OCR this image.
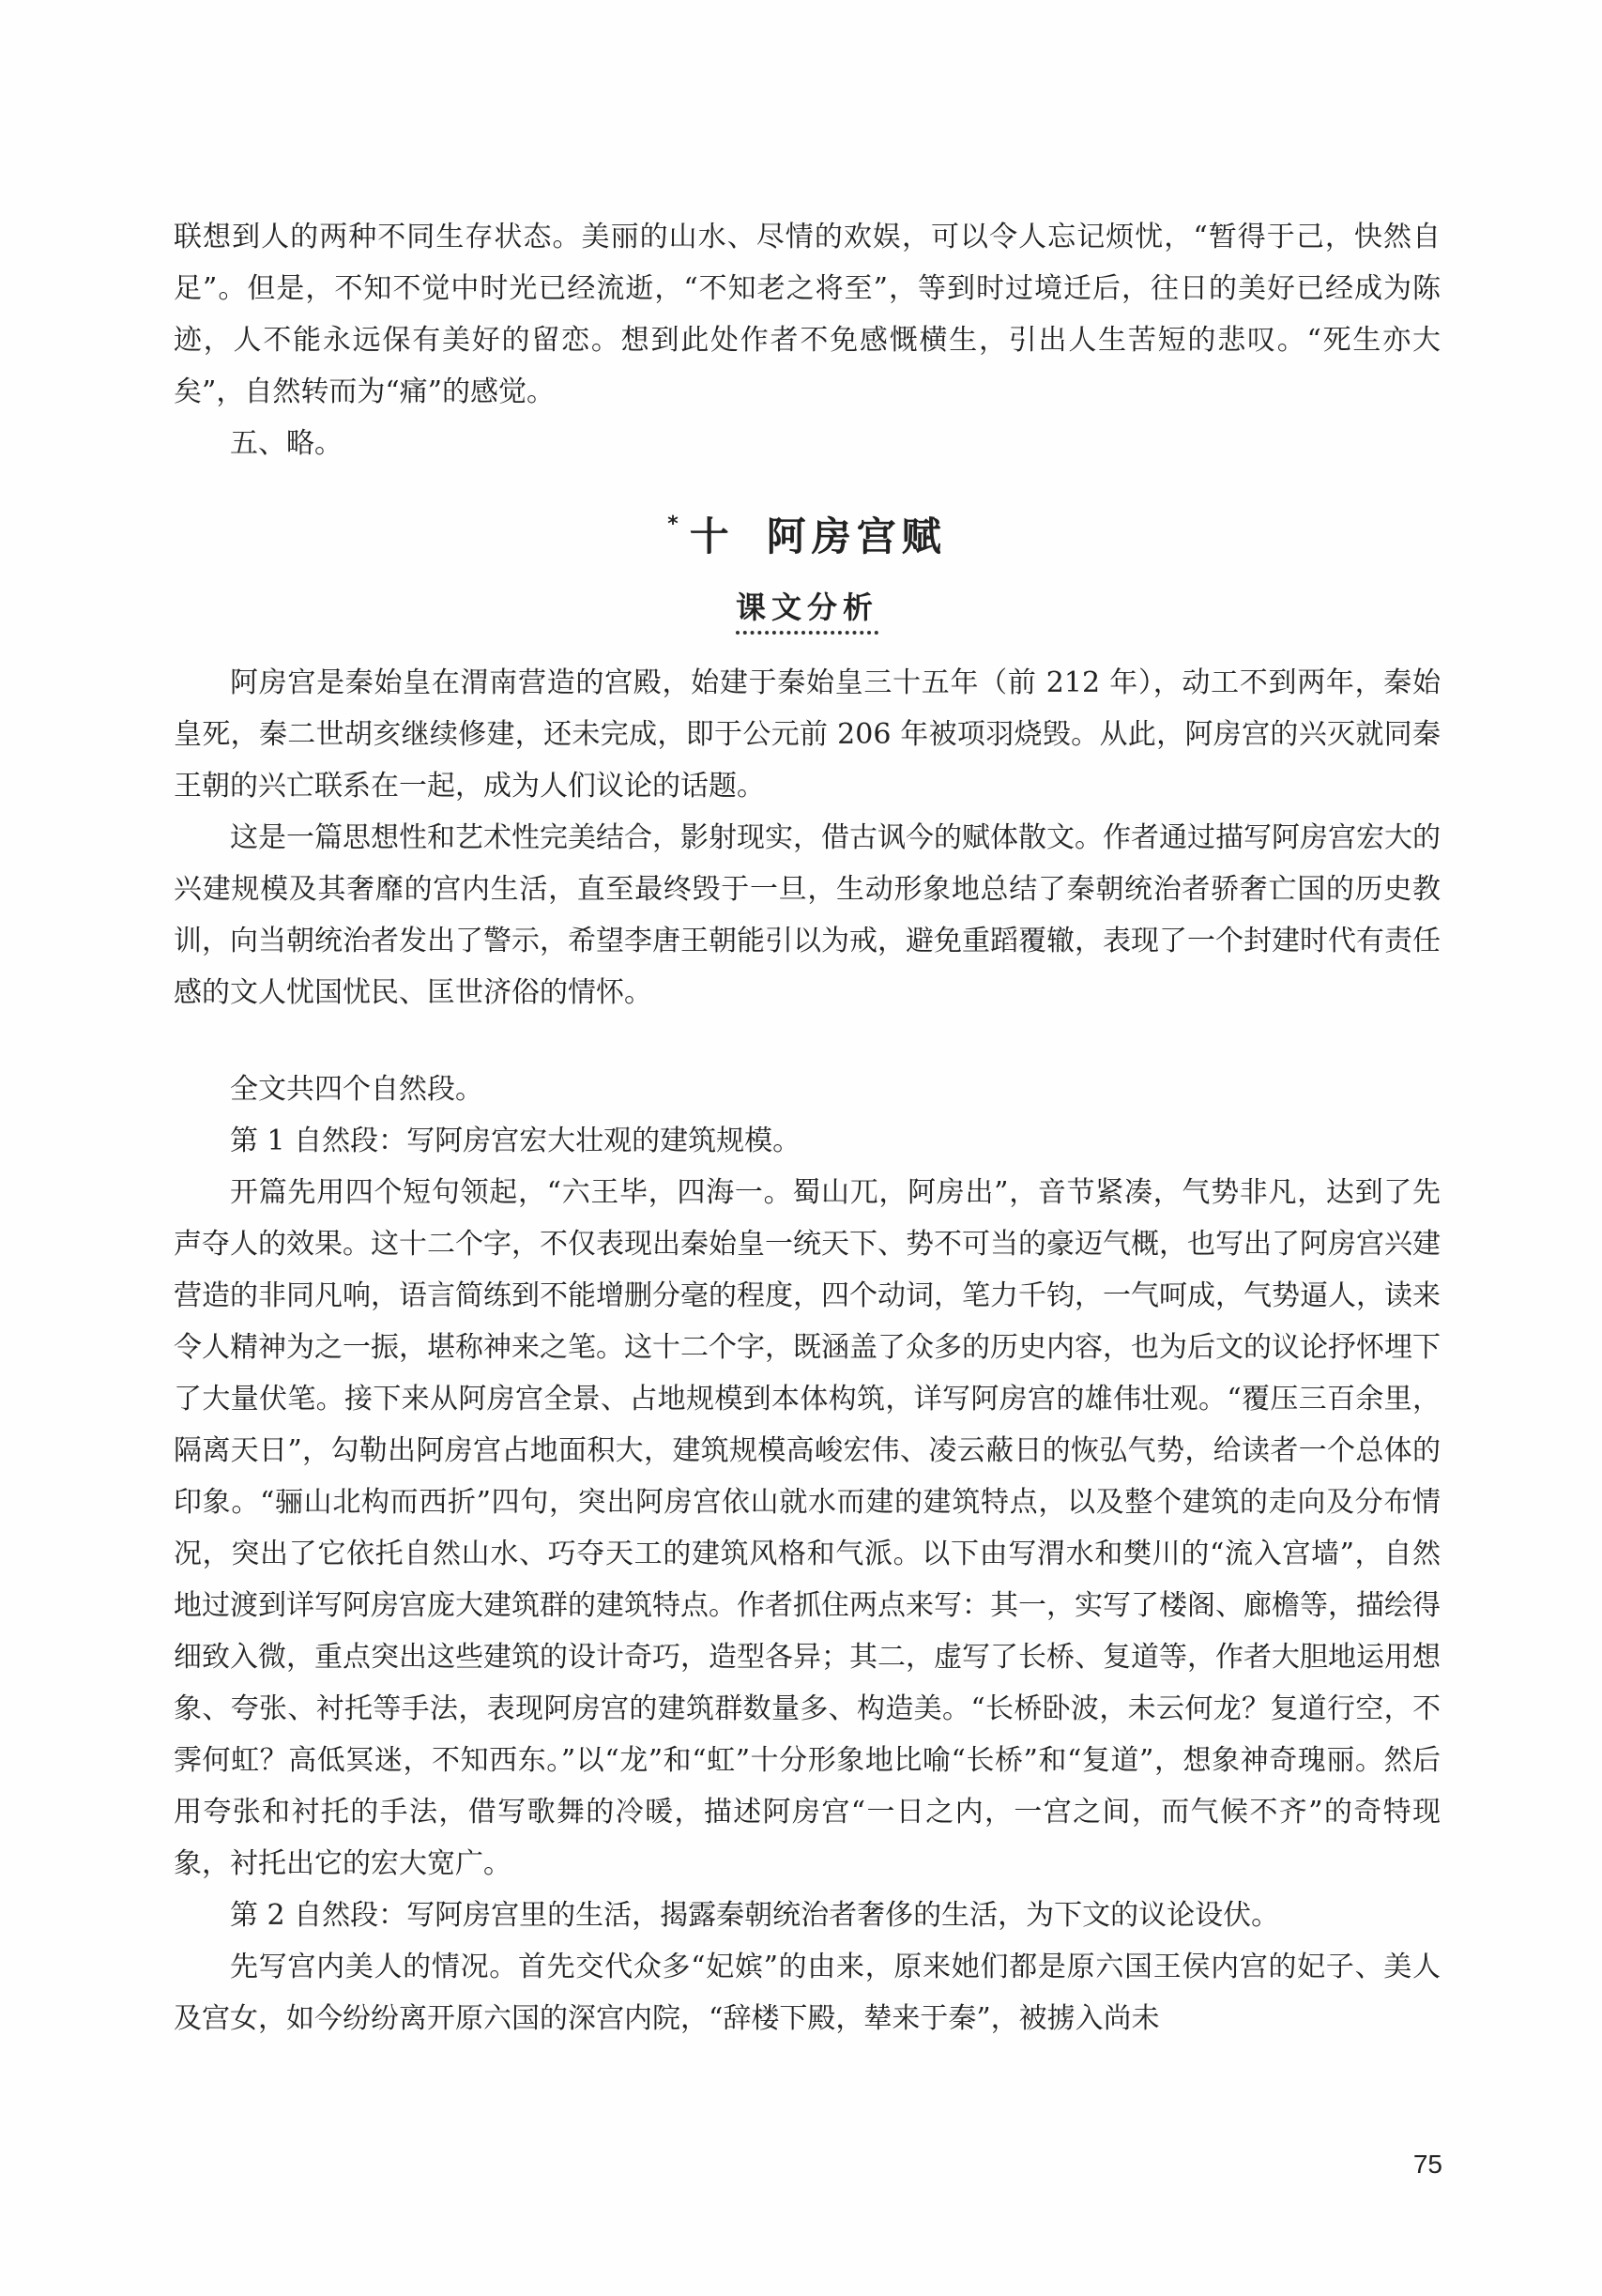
联想到人的两种不同生存状态。美丽的山水、尽情的欢娱，可以令人忘记烦忧，“暂得于己，快然自足”。但是，不知不觉中时光已经流逝，“不知老之将至”，等到时过境迁后，往日的美好已经成为陈迹，人不能永远保有美好的留恋。想到此处作者不免感慨横生，引出人生苦短的悲叹。“死生亦大矣”，自然转而为“痛”的感觉。

五、略。

* 十 阿房宫赋
课文分析

阿房宫是秦始皇在渭南营造的宫殿，始建于秦始皇三十五年（前 212 年），动工不到两年，秦始皇死，秦二世胡亥继续修建，还未完成，即于公元前 206 年被项羽烧毁。从此，阿房宫的兴灭就同秦王朝的兴亡联系在一起，成为人们议论的话题。

这是一篇思想性和艺术性完美结合，影射现实，借古讽今的赋体散文。作者通过描写阿房宫宏大的兴建规模及其奢靡的宫内生活，直至最终毁于一旦，生动形象地总结了秦朝统治者骄奢亡国的历史教训，向当朝统治者发出了警示，希望李唐王朝能引以为戒，避免重蹈覆辙，表现了一个封建时代有责任感的文人忧国忧民、匡世济俗的情怀。

全文共四个自然段。

第 1 自然段：写阿房宫宏大壮观的建筑规模。

开篇先用四个短句领起，“六王毕，四海一。蜀山兀，阿房出”，音节紧凑，气势非凡，达到了先声夺人的效果。这十二个字，不仅表现出秦始皇一统天下、势不可当的豪迈气概，也写出了阿房宫兴建营造的非同凡响，语言简练到不能增删分毫的程度，四个动词，笔力千钧，一气呵成，气势逼人，读来令人精神为之一振，堪称神来之笔。这十二个字，既涵盖了众多的历史内容，也为后文的议论抒怀埋下了大量伏笔。接下来从阿房宫全景、占地规模到本体构筑，详写阿房宫的雄伟壮观。“覆压三百余里，隔离天日”，勾勒出阿房宫占地面积大，建筑规模高峻宏伟、凌云蔽日的恢弘气势，给读者一个总体的印象。“骊山北构而西折”四句，突出阿房宫依山就水而建的建筑特点，以及整个建筑的走向及分布情况，突出了它依托自然山水、巧夺天工的建筑风格和气派。以下由写渭水和樊川的“流入宫墙”，自然地过渡到详写阿房宫庞大建筑群的建筑特点。作者抓住两点来写：其一，实写了楼阁、廊檐等，描绘得细致入微，重点突出这些建筑的设计奇巧，造型各异；其二，虚写了长桥、复道等，作者大胆地运用想象、夸张、衬托等手法，表现阿房宫的建筑群数量多、构造美。“长桥卧波，未云何龙？复道行空，不霁何虹？高低冥迷，不知西东。”以“龙”和“虹”十分形象地比喻“长桥”和“复道”，想象神奇瑰丽。然后用夸张和衬托的手法，借写歌舞的冷暖，描述阿房宫“一日之内，一宫之间，而气候不齐”的奇特现象，衬托出它的宏大宽广。

第 2 自然段：写阿房宫里的生活，揭露秦朝统治者奢侈的生活，为下文的议论设伏。

先写宫内美人的情况。首先交代众多“妃嫔”的由来，原来她们都是原六国王侯内宫的妃子、美人及宫女，如今纷纷离开原六国的深宫内院，“辞楼下殿，辇来于秦”，被掳入尚未

75
